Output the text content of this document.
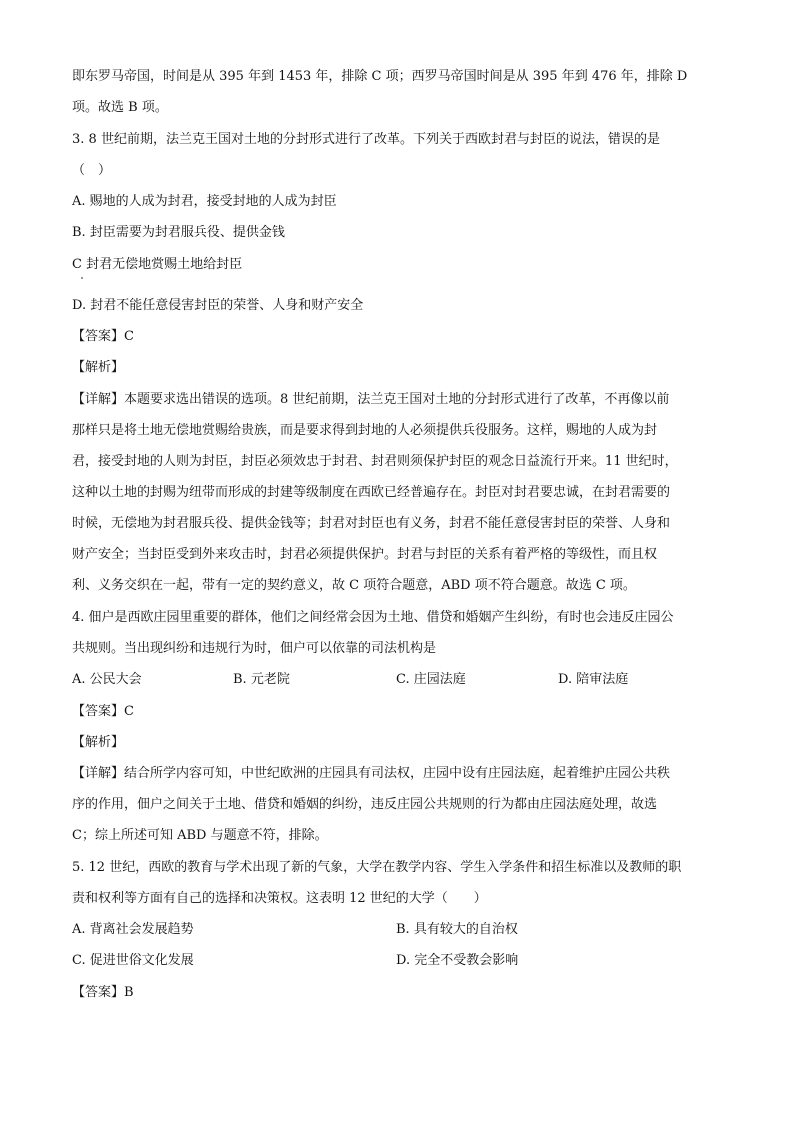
即东罗马帝国，时间是从 395 年到 1453 年，排除 C 项；西罗马帝国时间是从 395 年到 476 年，排除 D
项。故选 B 项。
3. 8 世纪前期，法兰克王国对土地的分封形式进行了改革。下列关于西欧封君与封臣的说法，错误的是
（　）
A. 赐地的人成为封君，接受封地的人成为封臣
B. 封臣需要为封君服兵役、提供金钱
C 封君无偿地赏赐土地给封臣
D. 封君不能任意侵害封臣的荣誉、人身和财产安全
【答案】C
【解析】
【详解】本题要求选出错误的选项。8 世纪前期，法兰克王国对土地的分封形式进行了改革，不再像以前
那样只是将土地无偿地赏赐给贵族，而是要求得到封地的人必须提供兵役服务。这样，赐地的人成为封
君，接受封地的人则为封臣，封臣必须效忠于封君、封君则须保护封臣的观念日益流行开来。11 世纪时，
这种以土地的封赐为纽带而形成的封建等级制度在西欧已经普遍存在。封臣对封君要忠诚，在封君需要的
时候，无偿地为封君服兵役、提供金钱等；封君对封臣也有义务，封君不能任意侵害封臣的荣誉、人身和
财产安全；当封臣受到外来攻击时，封君必须提供保护。封君与封臣的关系有着严格的等级性，而且权
利、义务交织在一起，带有一定的契约意义，故 C 项符合题意，ABD 项不符合题意。故选 C 项。
4. 佃户是西欧庄园里重要的群体，他们之间经常会因为土地、借贷和婚姻产生纠纷，有时也会违反庄园公
共规则。当出现纠纷和违规行为时，佃户可以依靠的司法机构是
A. 公民大会	B. 元老院	C. 庄园法庭	D. 陪审法庭
【答案】C
【解析】
【详解】结合所学内容可知，中世纪欧洲的庄园具有司法权，庄园中设有庄园法庭，起着维护庄园公共秩
序的作用，佃户之间关于土地、借贷和婚姻的纠纷，违反庄园公共规则的行为都由庄园法庭处理，故选
C；综上所述可知 ABD 与题意不符，排除。
5. 12 世纪，西欧的教育与学术出现了新的气象，大学在教学内容、学生入学条件和招生标准以及教师的职
责和权利等方面有自己的选择和决策权。这表明 12 世纪的大学（　　）
A. 背离社会发展趋势	B. 具有较大的自治权
C. 促进世俗文化发展	D. 完全不受教会影响
【答案】B
